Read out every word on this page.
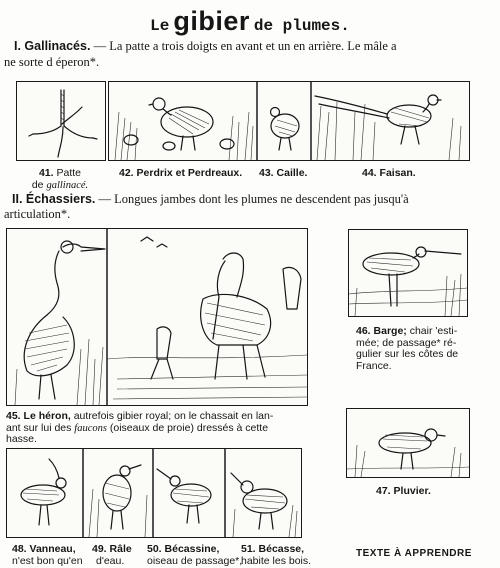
Le gibier de plumes.
I. Gallinacés. — La patte a trois doigts en avant et un en arrière. Le mâle a
ne sorte d éperon*.
41. Patte
de gallinacé.
42. Perdrix et Perdreaux. 43. Caille.	44. Faisan.
II. Échassiers. — Longues jambes dont les plumes ne descendent pas jusqu'à
articulation*.
46. Barge; chair 'esti-
mée; de passage* ré-
gulier sur les côtes de
France.
45. Le héron, autrefois gibier royal; on le chassait en lan-
ant sur lui des faucons (oiseaux de proie) dressés à cette
hasse.
47. Pluvier.
48. Vanneau,
n'est bon qu'en
49. Râle
d'eau.
50. Bécassine,
oiseau de passage*,
51. Bécasse,
habite les bois.
TEXTE À APPRENDRE
